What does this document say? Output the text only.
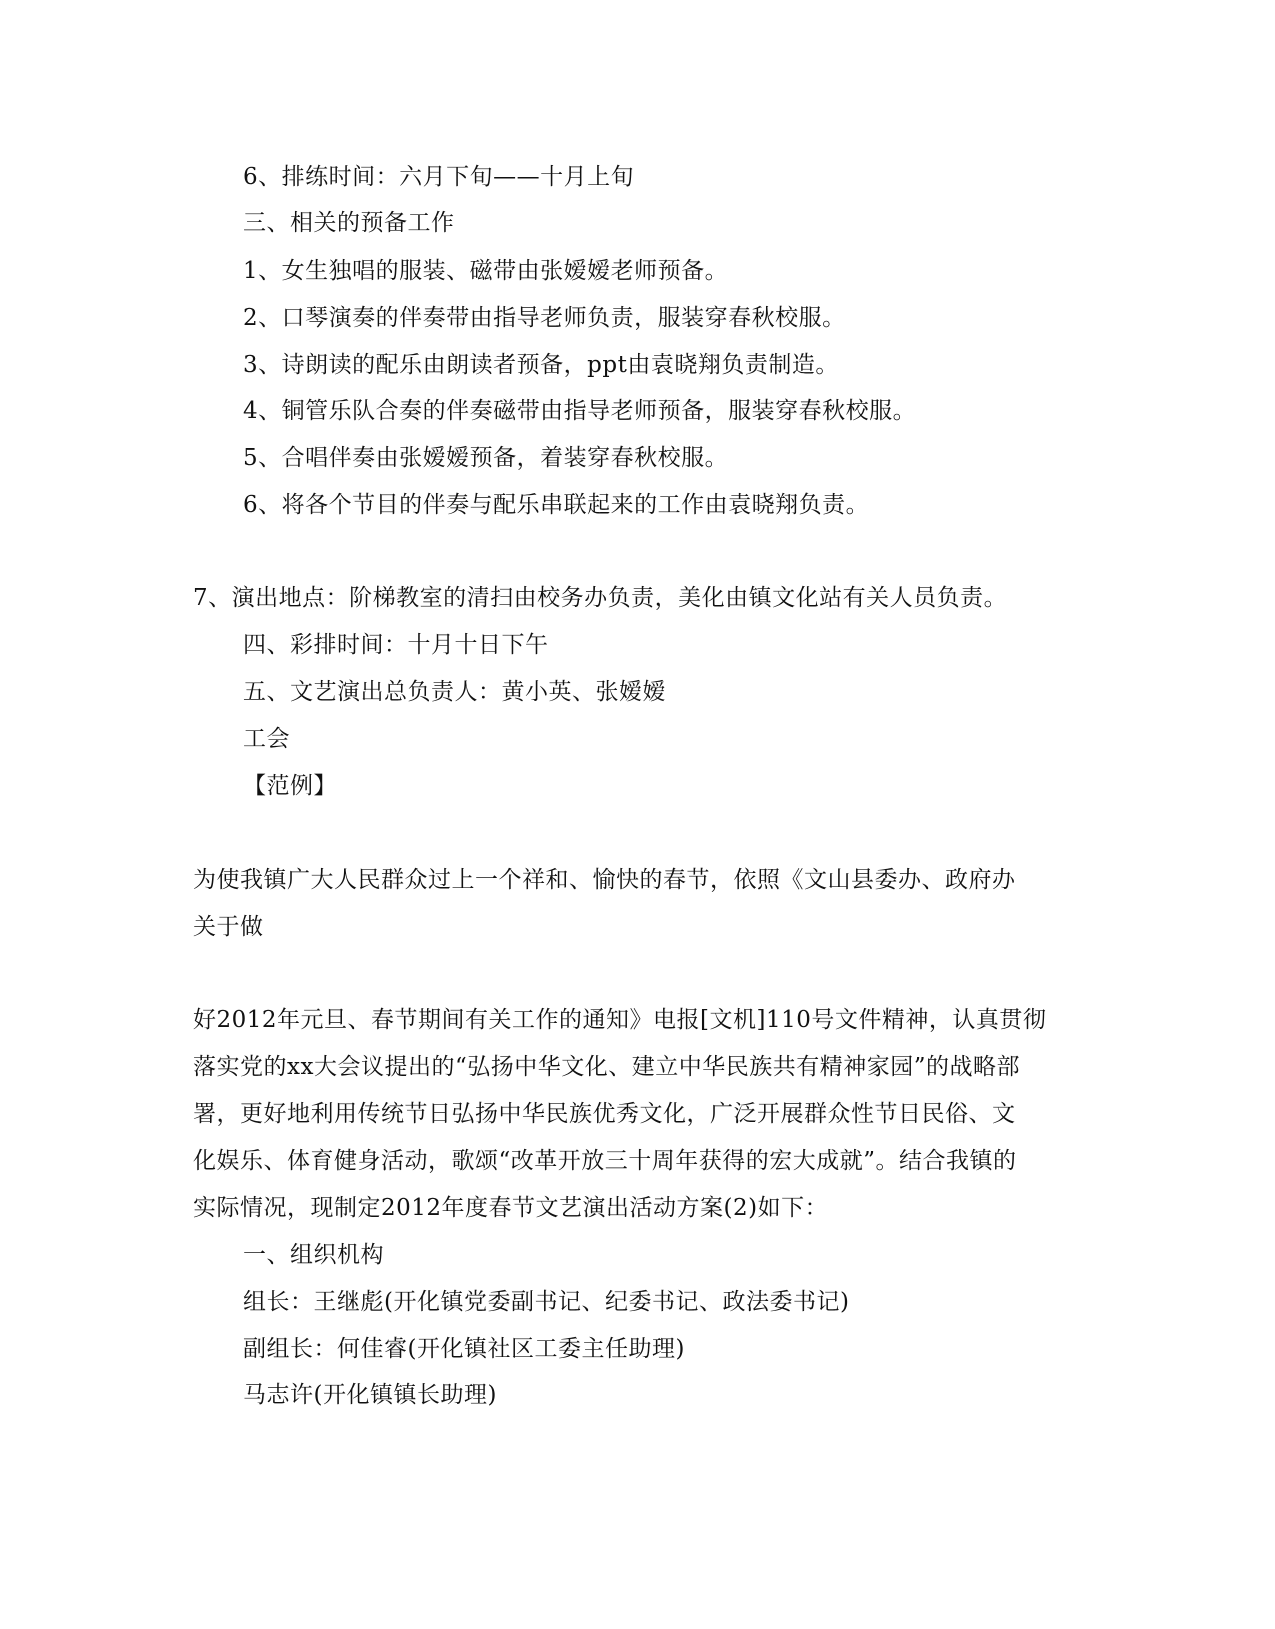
6、排练时间：六月下旬——十月上旬
三、相关的预备工作
1、女生独唱的服装、磁带由张嫒嫒老师预备。
2、口琴演奏的伴奏带由指导老师负责，服装穿春秋校服。
3、诗朗读的配乐由朗读者预备，ppt由袁晓翔负责制造。
4、铜管乐队合奏的伴奏磁带由指导老师预备，服装穿春秋校服。
5、合唱伴奏由张嫒嫒预备，着装穿春秋校服。
6、将各个节目的伴奏与配乐串联起来的工作由袁晓翔负责。
7、演出地点：阶梯教室的清扫由校务办负责，美化由镇文化站有关人员负责。
四、彩排时间：十月十日下午
五、文艺演出总负责人：黄小英、张嫒嫒
工会
【范例】
为使我镇广大人民群众过上一个祥和、愉快的春节，依照《文山县委办、政府办
关于做
好2012年元旦、春节期间有关工作的通知》电报[文机]110号文件精神，认真贯彻
落实党的xx大会议提出的“弘扬中华文化、建立中华民族共有精神家园”的战略部
署，更好地利用传统节日弘扬中华民族优秀文化，广泛开展群众性节日民俗、文
化娱乐、体育健身活动，歌颂“改革开放三十周年获得的宏大成就”。结合我镇的
实际情况，现制定2012年度春节文艺演出活动方案(2)如下：
一、组织机构
组长：王继彪(开化镇党委副书记、纪委书记、政法委书记)
副组长：何佳睿(开化镇社区工委主任助理)
马志许(开化镇镇长助理)
